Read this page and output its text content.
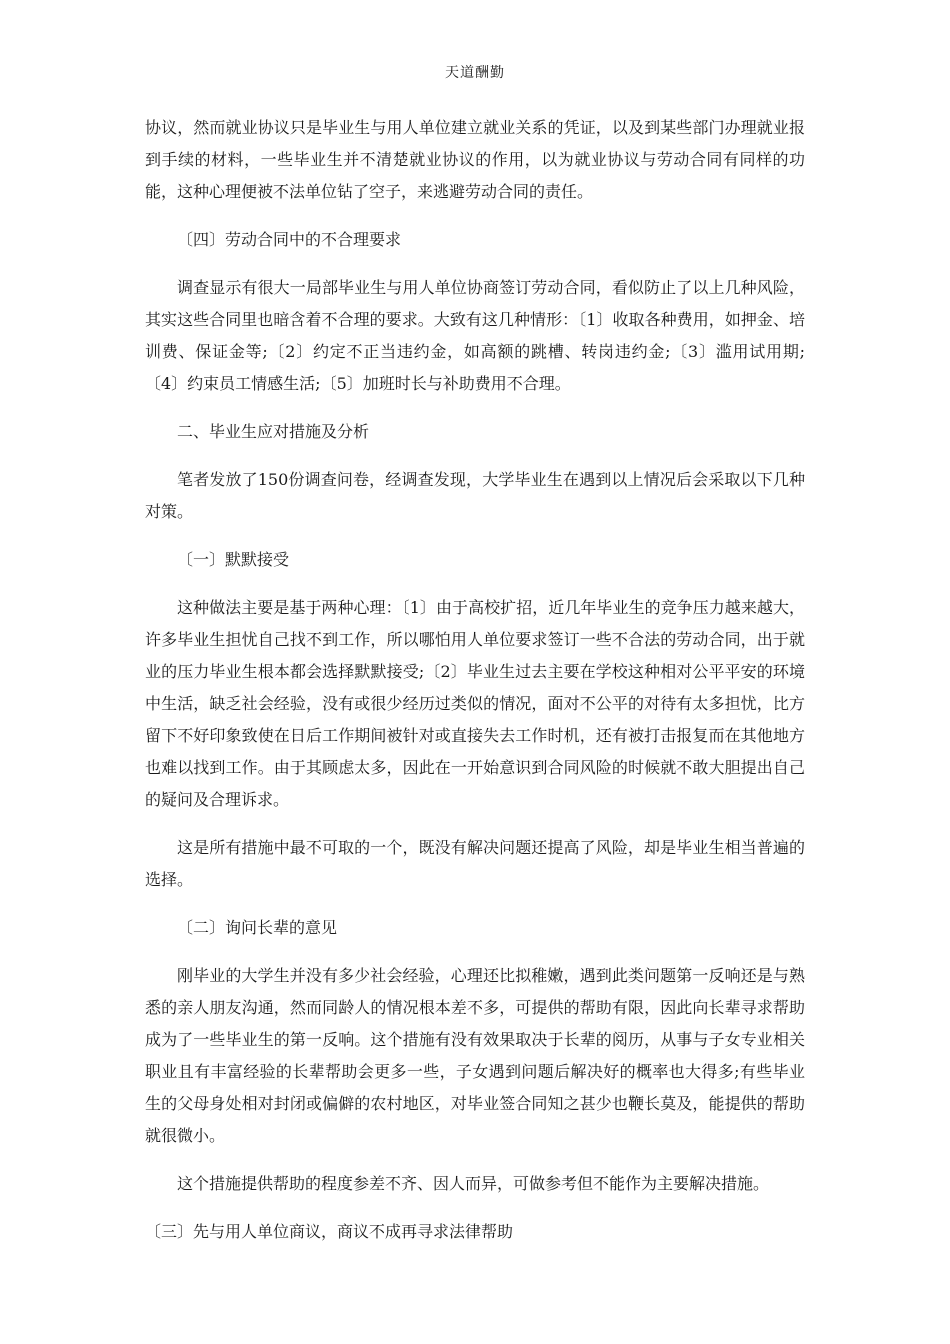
天道酬勤

协议，然而就业协议只是毕业生与用人单位建立就业关系的凭证，以及到某些部门办理就业报到手续的材料，一些毕业生并不清楚就业协议的作用，以为就业协议与劳动合同有同样的功能，这种心理便被不法单位钻了空子，来逃避劳动合同的责任。

〔四〕劳动合同中的不合理要求

调查显示有很大一局部毕业生与用人单位协商签订劳动合同，看似防止了以上几种风险，其实这些合同里也暗含着不合理的要求。大致有这几种情形：〔1〕收取各种费用，如押金、培训费、保证金等;〔2〕约定不正当违约金，如高额的跳槽、转岗违约金;〔3〕滥用试用期;〔4〕约束员工情感生活;〔5〕加班时长与补助费用不合理。

二、毕业生应对措施及分析

笔者发放了150份调查问卷，经调查发现，大学毕业生在遇到以上情况后会采取以下几种对策。

〔一〕默默接受

这种做法主要是基于两种心理：〔1〕由于高校扩招，近几年毕业生的竞争压力越来越大，许多毕业生担忧自己找不到工作，所以哪怕用人单位要求签订一些不合法的劳动合同，出于就业的压力毕业生根本都会选择默默接受;〔2〕毕业生过去主要在学校这种相对公平平安的环境中生活，缺乏社会经验，没有或很少经历过类似的情况，面对不公平的对待有太多担忧，比方留下不好印象致使在日后工作期间被针对或直接失去工作时机，还有被打击报复而在其他地方也难以找到工作。由于其顾虑太多，因此在一开始意识到合同风险的时候就不敢大胆提出自己的疑问及合理诉求。

这是所有措施中最不可取的一个，既没有解决问题还提高了风险，却是毕业生相当普遍的选择。

〔二〕询问长辈的意见

刚毕业的大学生并没有多少社会经验，心理还比拟稚嫩，遇到此类问题第一反响还是与熟悉的亲人朋友沟通，然而同龄人的情况根本差不多，可提供的帮助有限，因此向长辈寻求帮助成为了一些毕业生的第一反响。这个措施有没有效果取决于长辈的阅历，从事与子女专业相关职业且有丰富经验的长辈帮助会更多一些，子女遇到问题后解决好的概率也大得多;有些毕业生的父母身处相对封闭或偏僻的农村地区，对毕业签合同知之甚少也鞭长莫及，能提供的帮助就很微小。

这个措施提供帮助的程度参差不齐、因人而异，可做参考但不能作为主要解决措施。

〔三〕先与用人单位商议，商议不成再寻求法律帮助
